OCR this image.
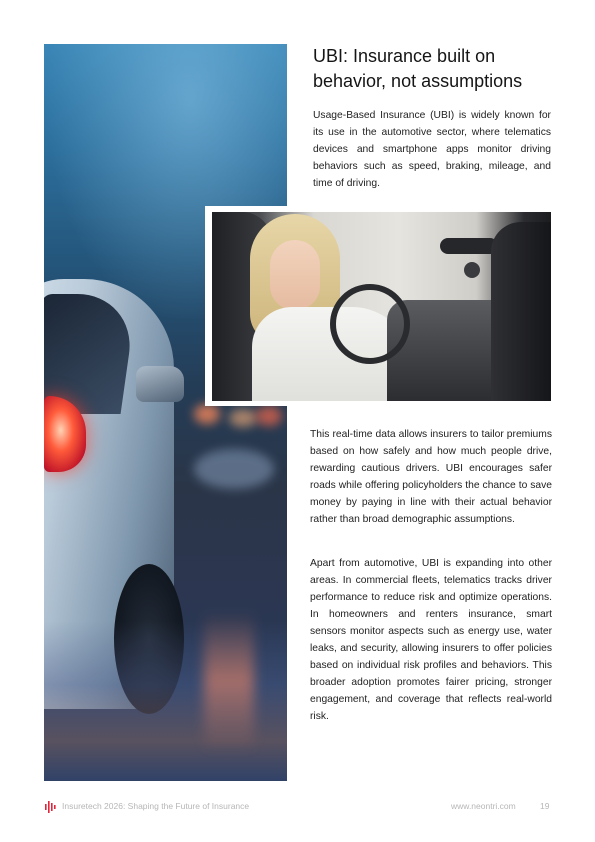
UBI: Insurance built on behavior, not assumptions

Usage-Based Insurance (UBI) is widely known for its use in the automotive sector, where telematics devices and smartphone apps monitor driving behaviors such as speed, braking, mileage, and time of driving.

This real-time data allows insurers to tailor premiums based on how safely and how much people drive, rewarding cautious drivers. UBI encourages safer roads while offering policyholders the chance to save money by paying in line with their actual behavior rather than broad demographic assumptions.

Apart from automotive, UBI is expanding into other areas. In commercial fleets, telematics tracks driver performance to reduce risk and optimize operations. In homeowners and renters insurance, smart sensors monitor aspects such as energy use, water leaks, and security, allowing insurers to offer policies based on individual risk profiles and behaviors. This broader adoption promotes fairer pricing, stronger engagement, and coverage that reflects real-world risk.

Insuretech 2026: Shaping the Future of Insurance	www.neontri.com	19
